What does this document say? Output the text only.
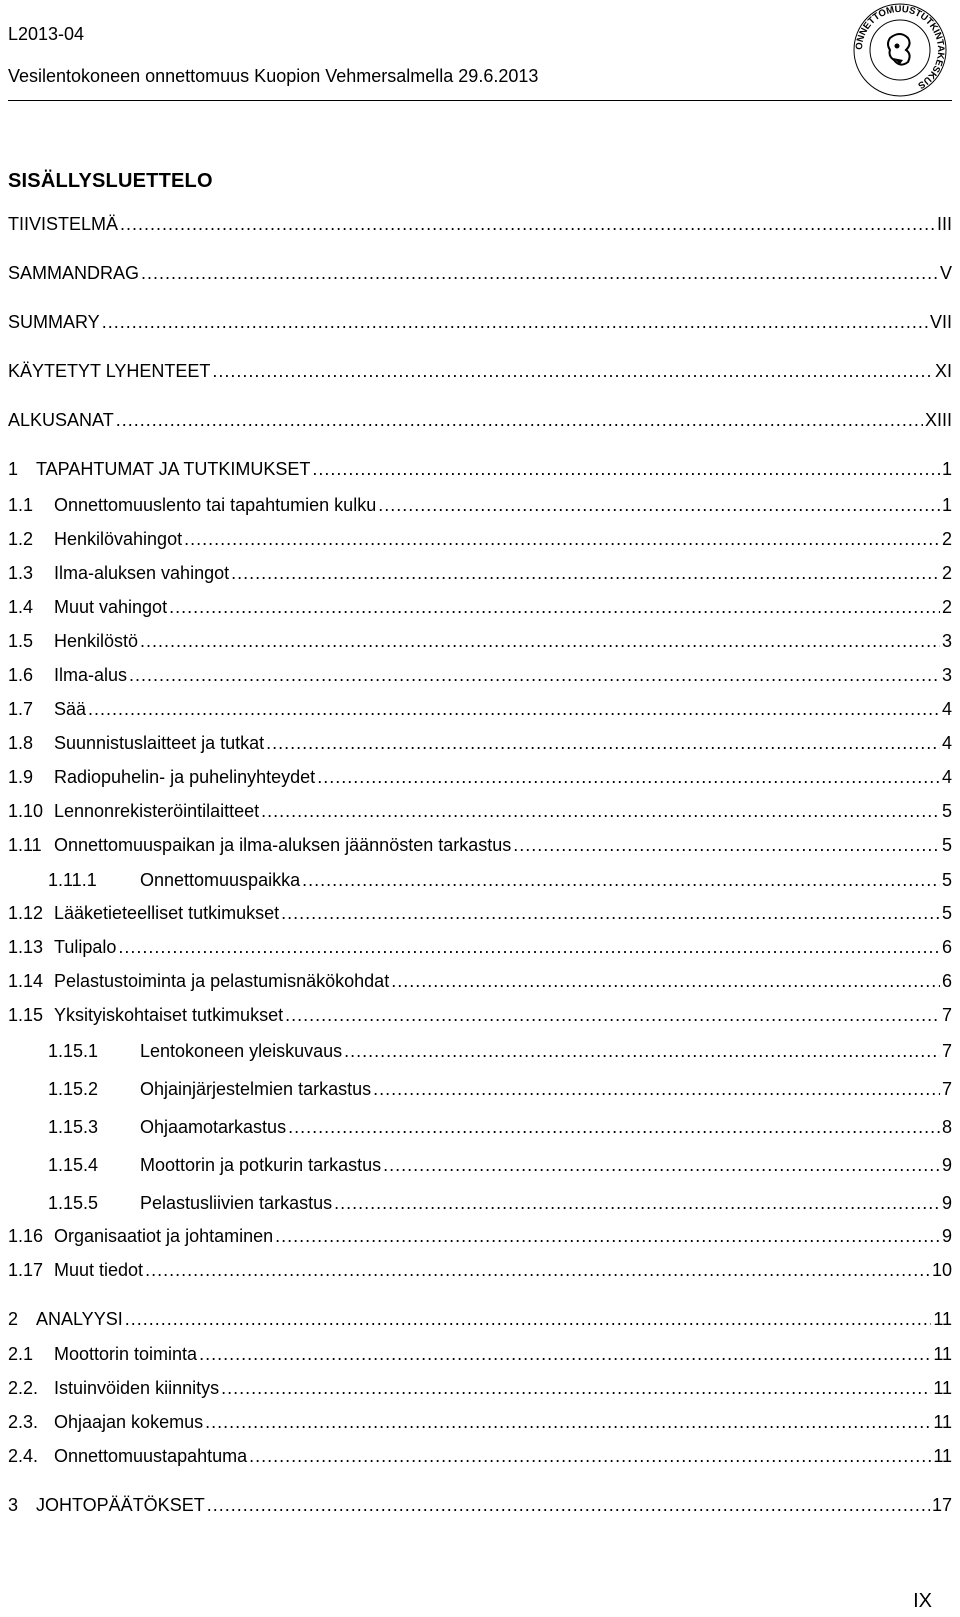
L2013-04
Vesilentokoneen onnettomuus Kuopion Vehmersalmella 29.6.2013
ONNETTOMUUSTUTKINTAKESKUS
SISÄLLYSLUETTELO
TIIVISTELMÄ .....	III
SAMMANDRAG .....	V
SUMMARY .....	VII
KÄYTETYT LYHENTEET .....	XI
ALKUSANAT .....	XIII
1 TAPAHTUMAT JA TUTKIMUKSET .....	1
1.1	Onnettomuuslento tai tapahtumien kulku .....	1
1.2	Henkilövahingot .....	2
1.3	Ilma-aluksen vahingot .....	2
1.4	Muut vahingot .....	2
1.5	Henkilöstö .....	3
1.6	Ilma-alus .....	3
1.7	Sää .....	4
1.8	Suunnistuslaitteet ja tutkat .....	4
1.9	Radiopuhelin- ja puhelinyhteydet .....	4
1.10 Lennonrekisteröintilaitteet .....	5
1.11 Onnettomuuspaikan ja ilma-aluksen jäännösten tarkastus .....	5
1.11.1	Onnettomuuspaikka .....	5
1.12 Lääketieteelliset tutkimukset .....	5
1.13 Tulipalo .....	6
1.14 Pelastustoiminta ja pelastumisnäkökohdat .....	6
1.15 Yksityiskohtaiset tutkimukset .....	7
1.15.1	Lentokoneen yleiskuvaus .....	7
1.15.2	Ohjainjärjestelmien tarkastus .....	7
1.15.3	Ohjaamotarkastus .....	8
1.15.4	Moottorin ja potkurin tarkastus .....	9
1.15.5	Pelastusliivien tarkastus .....	9
1.16 Organisaatiot ja johtaminen .....	9
1.17 Muut tiedot .....	10
2 ANALYYSI .....	11
2.1	Moottorin toiminta .....	11
2.2. Istuinvöiden kiinnitys .....	11
2.3. Ohjaajan kokemus .....	11
2.4. Onnettomuustapahtuma .....	11
3 JOHTOPÄÄTÖKSET .....	17
IX
